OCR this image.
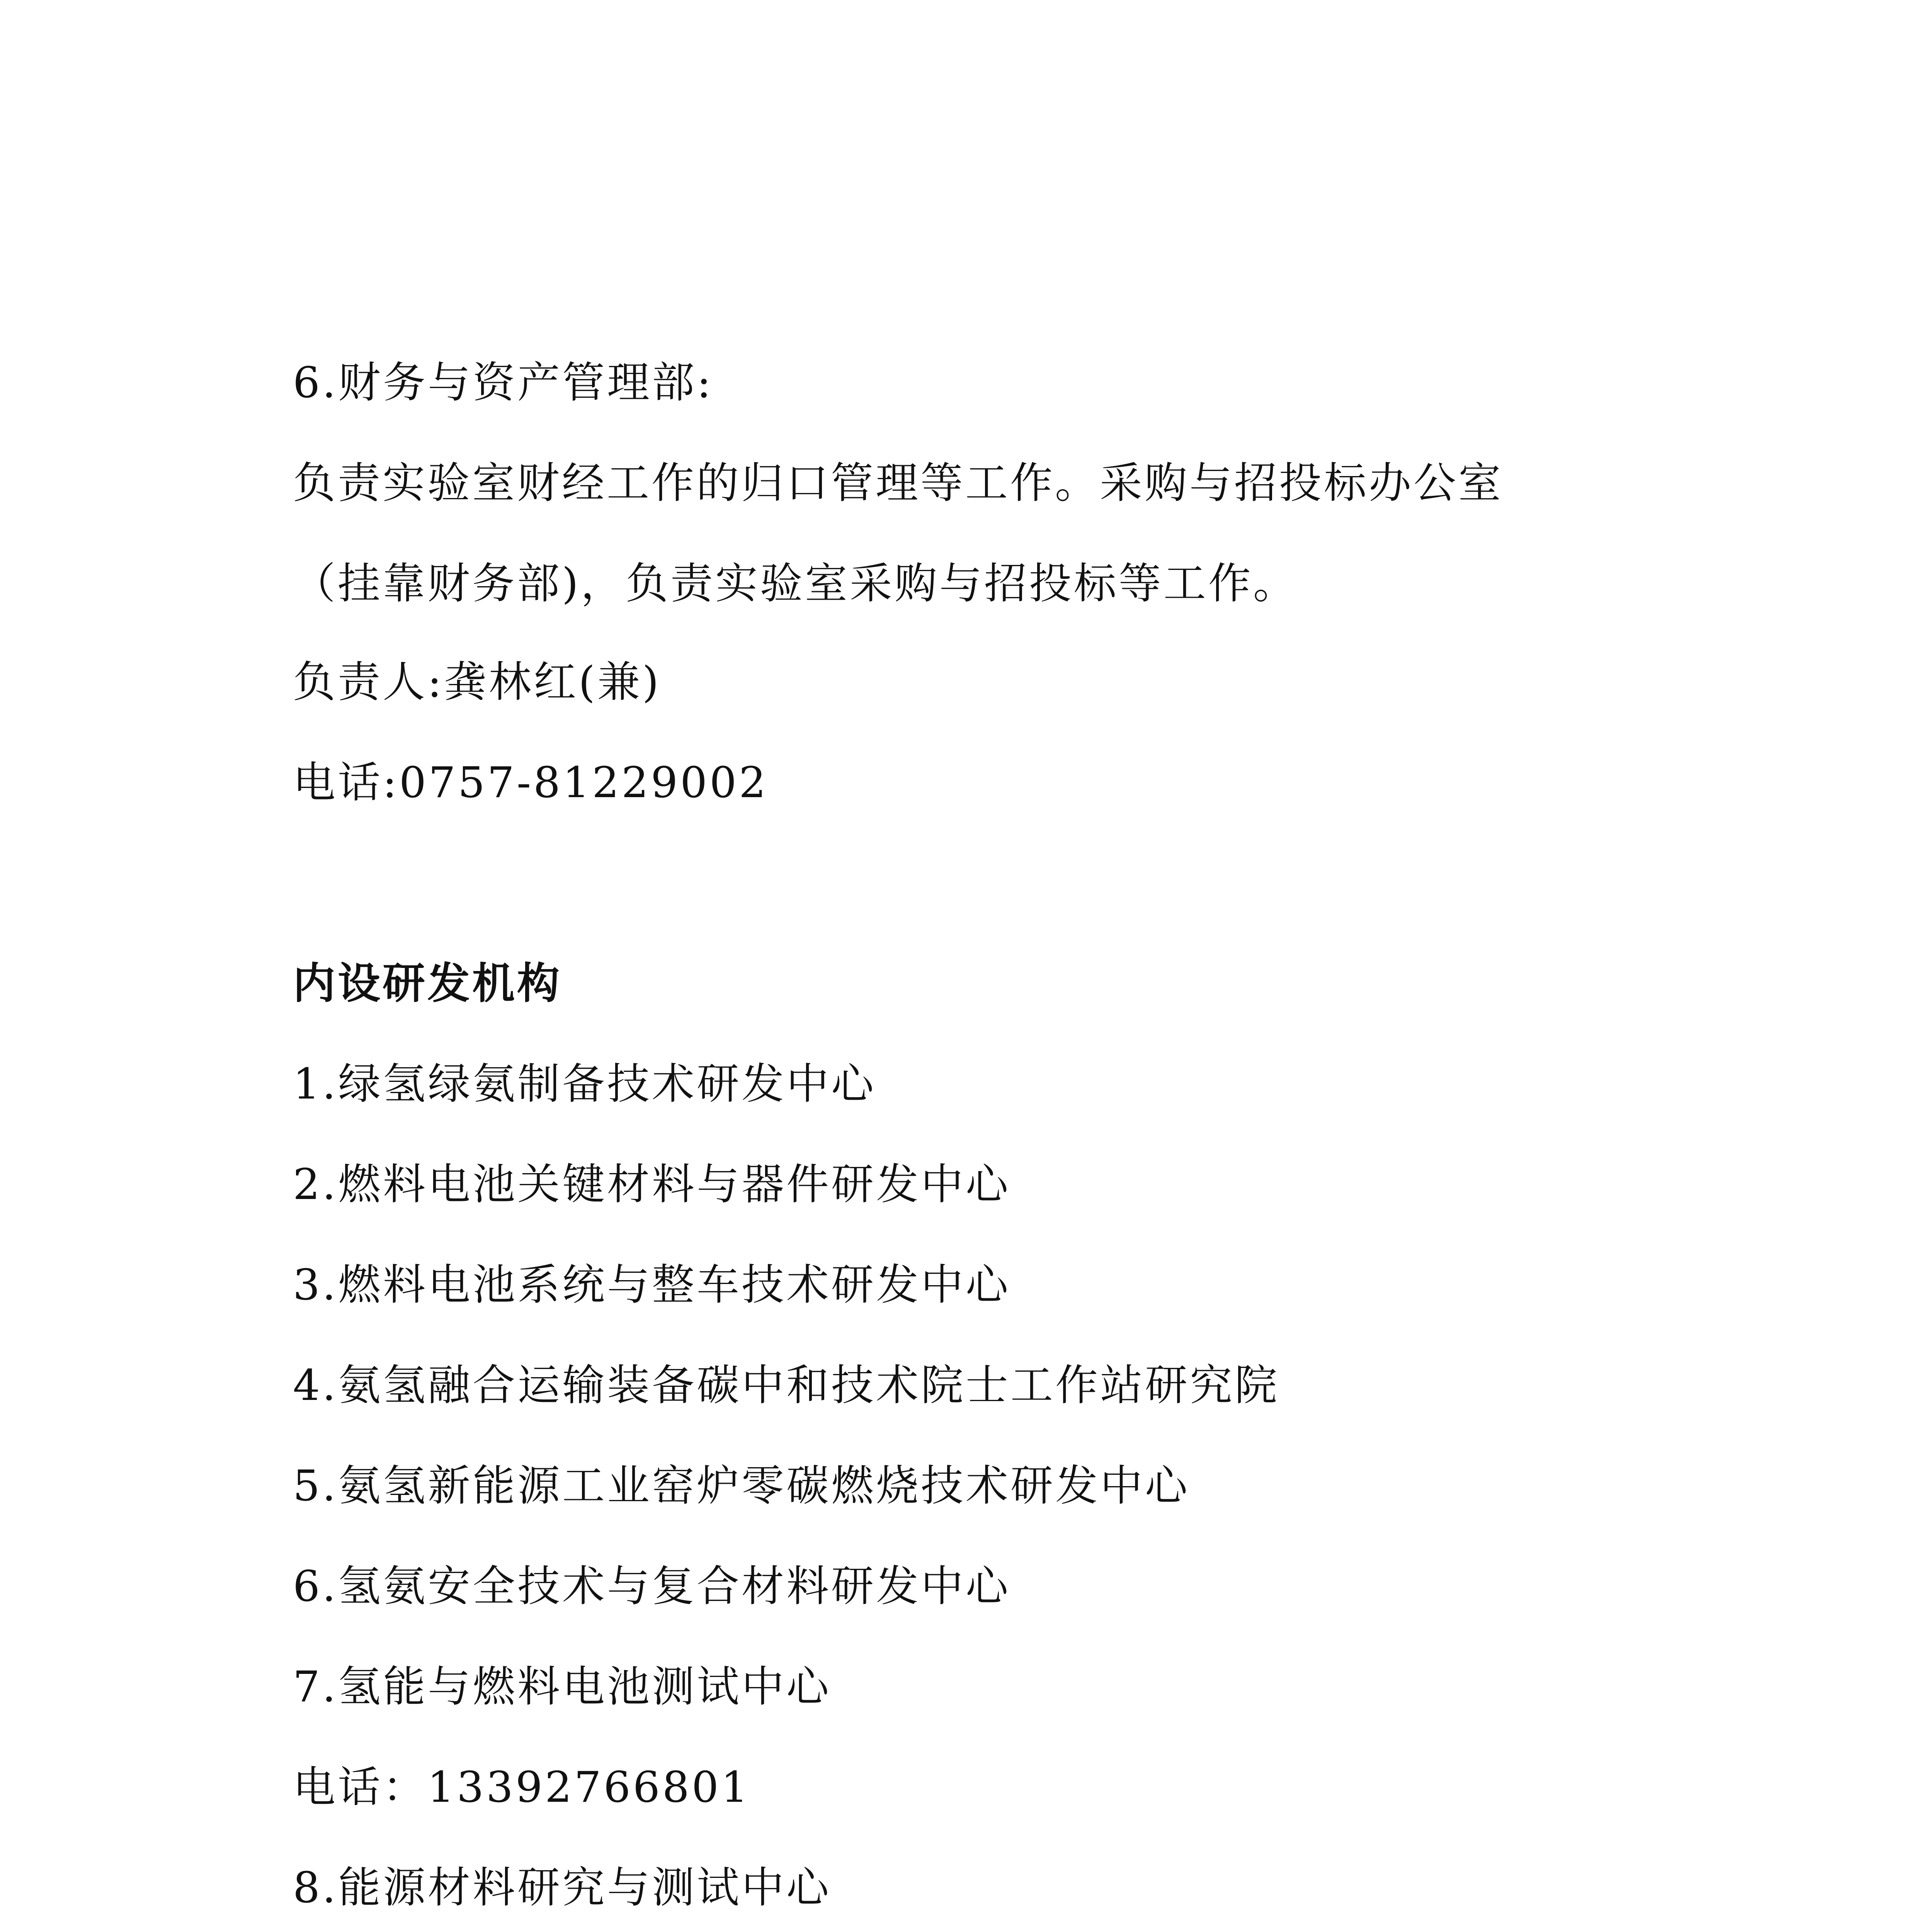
6.财务与资产管理部:
负责实验室财经工作的归口管理等工作。采购与招投标办公室
（挂靠财务部)，负责实验室采购与招投标等工作。
负责人:龚林红(兼)
电话:0757-81229002
内设研发机构
1.绿氢绿氨制备技术研发中心
2.燃料电池关键材料与器件研发中心
3.燃料电池系统与整车技术研发中心
4.氨氢融合运输装备碳中和技术院士工作站研究院
5.氨氢新能源工业窑炉零碳燃烧技术研发中心
6.氢氨安全技术与复合材料研发中心
7.氢能与燃料电池测试中心
电话：13392766801
8.能源材料研究与测试中心
